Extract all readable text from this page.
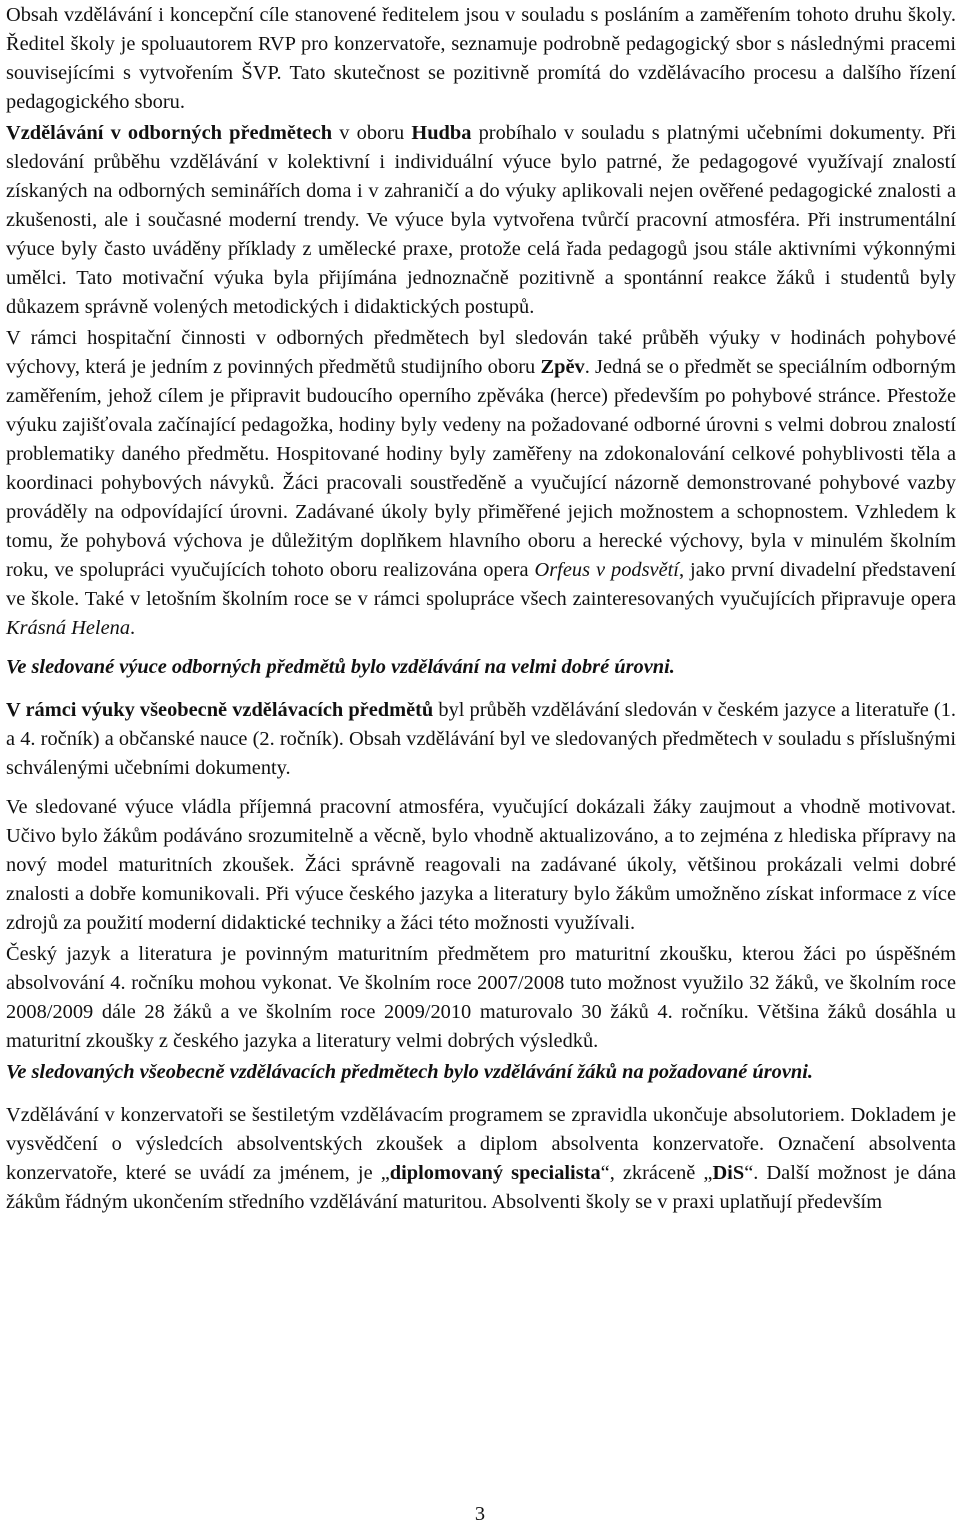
Obsah vzdělávání i koncepční cíle stanovené ředitelem jsou v souladu s posláním a zaměřením tohoto druhu školy. Ředitel školy je spoluautorem RVP pro konzervatoře, seznamuje podrobně pedagogický sbor s následnými pracemi souvisejícími s vytvořením ŠVP. Tato skutečnost se pozitivně promítá do vzdělávacího procesu a dalšího řízení pedagogického sboru.

Vzdělávání v odborných předmětech v oboru Hudba probíhalo v souladu s platnými učebními dokumenty. Při sledování průběhu vzdělávání v kolektivní i individuální výuce bylo patrné, že pedagogové využívají znalostí získaných na odborných seminářích doma i v zahraničí a do výuky aplikovali nejen ověřené pedagogické znalosti a zkušenosti, ale i současné moderní trendy. Ve výuce byla vytvořena tvůrčí pracovní atmosféra. Při instrumentální výuce byly často uváděny příklady z umělecké praxe, protože celá řada pedagogů jsou stále aktivními výkonnými umělci. Tato motivační výuka byla přijímána jednoznačně pozitivně a spontánní reakce žáků i studentů byly důkazem správně volených metodických i didaktických postupů.

V rámci hospitační činnosti v odborných předmětech byl sledován také průběh výuky v hodinách pohybové výchovy, která je jedním z povinných předmětů studijního oboru Zpěv. Jedná se o předmět se speciálním odborným zaměřením, jehož cílem je připravit budoucího operního zpěváka (herce) především po pohybové stránce. Přestože výuku zajišťovala začínající pedagožka, hodiny byly vedeny na požadované odborné úrovni s velmi dobrou znalostí problematiky daného předmětu. Hospitované hodiny byly zaměřeny na zdokonalování celkové pohyblivosti těla a koordinaci pohybových návyků. Žáci pracovali soustředěně a vyučující názorně demonstrované pohybové vazby prováděly na odpovídající úrovni. Zadávané úkoly byly přiměřené jejich možnostem a schopnostem. Vzhledem k tomu, že pohybová výchova je důležitým doplňkem hlavního oboru a herecké výchovy, byla v minulém školním roku, ve spolupráci vyučujících tohoto oboru realizována opera Orfeus v podsvětí, jako první divadelní představení ve škole. Také v letošním školním roce se v rámci spolupráce všech zainteresovaných vyučujících připravuje opera Krásná Helena.

Ve sledované výuce odborných předmětů bylo vzdělávání na velmi dobré úrovni.

V rámci výuky všeobecně vzdělávacích předmětů byl průběh vzdělávání sledován v českém jazyce a literatuře (1. a 4. ročník) a občanské nauce (2. ročník). Obsah vzdělávání byl ve sledovaných předmětech v souladu s příslušnými schválenými učebními dokumenty.

Ve sledované výuce vládla příjemná pracovní atmosféra, vyučující dokázali žáky zaujmout a vhodně motivovat. Učivo bylo žákům podáváno srozumitelně a věcně, bylo vhodně aktualizováno, a to zejména z hlediska přípravy na nový model maturitních zkoušek. Žáci správně reagovali na zadávané úkoly, většinou prokázali velmi dobré znalosti a dobře komunikovali. Při výuce českého jazyka a literatury bylo žákům umožněno získat informace z více zdrojů za použití moderní didaktické techniky a žáci této možnosti využívali.

Český jazyk a literatura je povinným maturitním předmětem pro maturitní zkoušku, kterou žáci po úspěšném absolvování 4. ročníku mohou vykonat. Ve školním roce 2007/2008 tuto možnost využilo 32 žáků, ve školním roce 2008/2009 dále 28 žáků a ve školním roce 2009/2010 maturovalo 30 žáků 4. ročníku. Většina žáků dosáhla u maturitní zkoušky z českého jazyka a literatury velmi dobrých výsledků.

Ve sledovaných všeobecně vzdělávacích předmětech bylo vzdělávání žáků na požadované úrovni.

Vzdělávání v konzervatoři se šestiletým vzdělávacím programem se zpravidla ukončuje absolutoriem. Dokladem je vysvědčení o výsledcích absolventských zkoušek a diplom absolventa konzervatoře. Označení absolventa konzervatoře, které se uvádí za jménem, je „diplomovaný specialista“, zkráceně „DiS“. Další možnost je dána žákům řádným ukončením středního vzdělávání maturitou. Absolventi školy se v praxi uplatňují především

3
